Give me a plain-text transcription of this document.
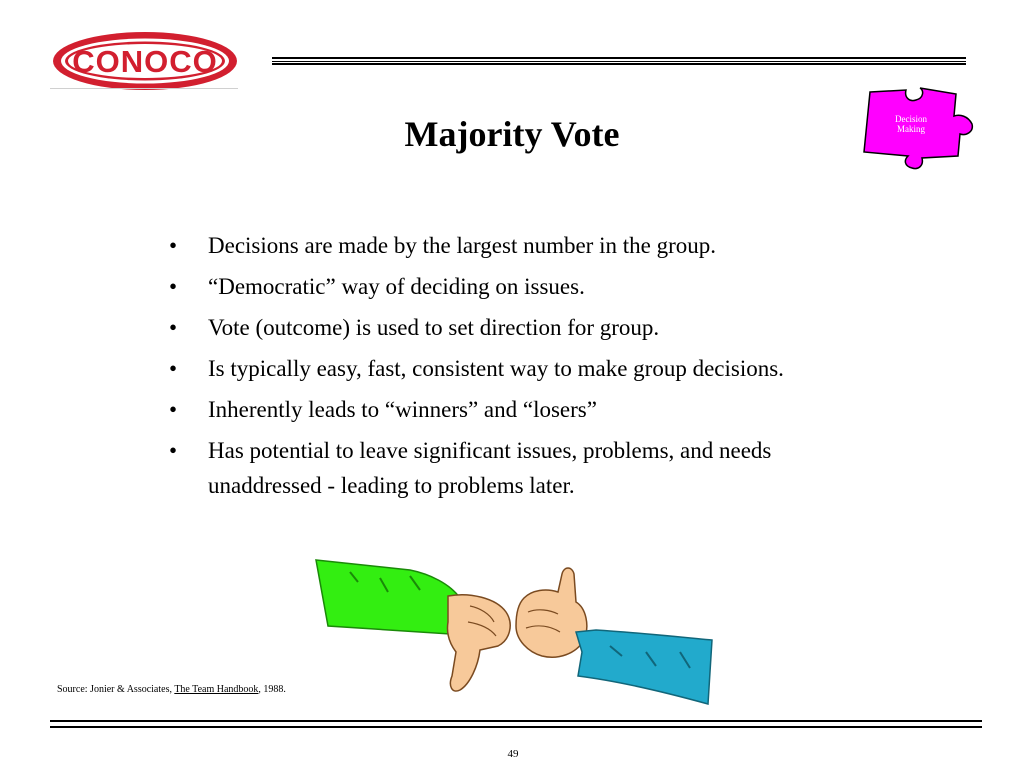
CONOCO
Majority Vote	Decision
Making
• Decisions are made by the largest number in the group.
• “Democratic” way of deciding on issues.
• Vote (outcome) is used to set direction for group.
• Is typically easy, fast, consistent way to make group decisions.
• Inherently leads to “winners” and “losers”
• Has potential to leave significant issues, problems, and needs unaddressed - leading to problems later.
Source: Jonier & Associates, The Team Handbook, 1988.
49
